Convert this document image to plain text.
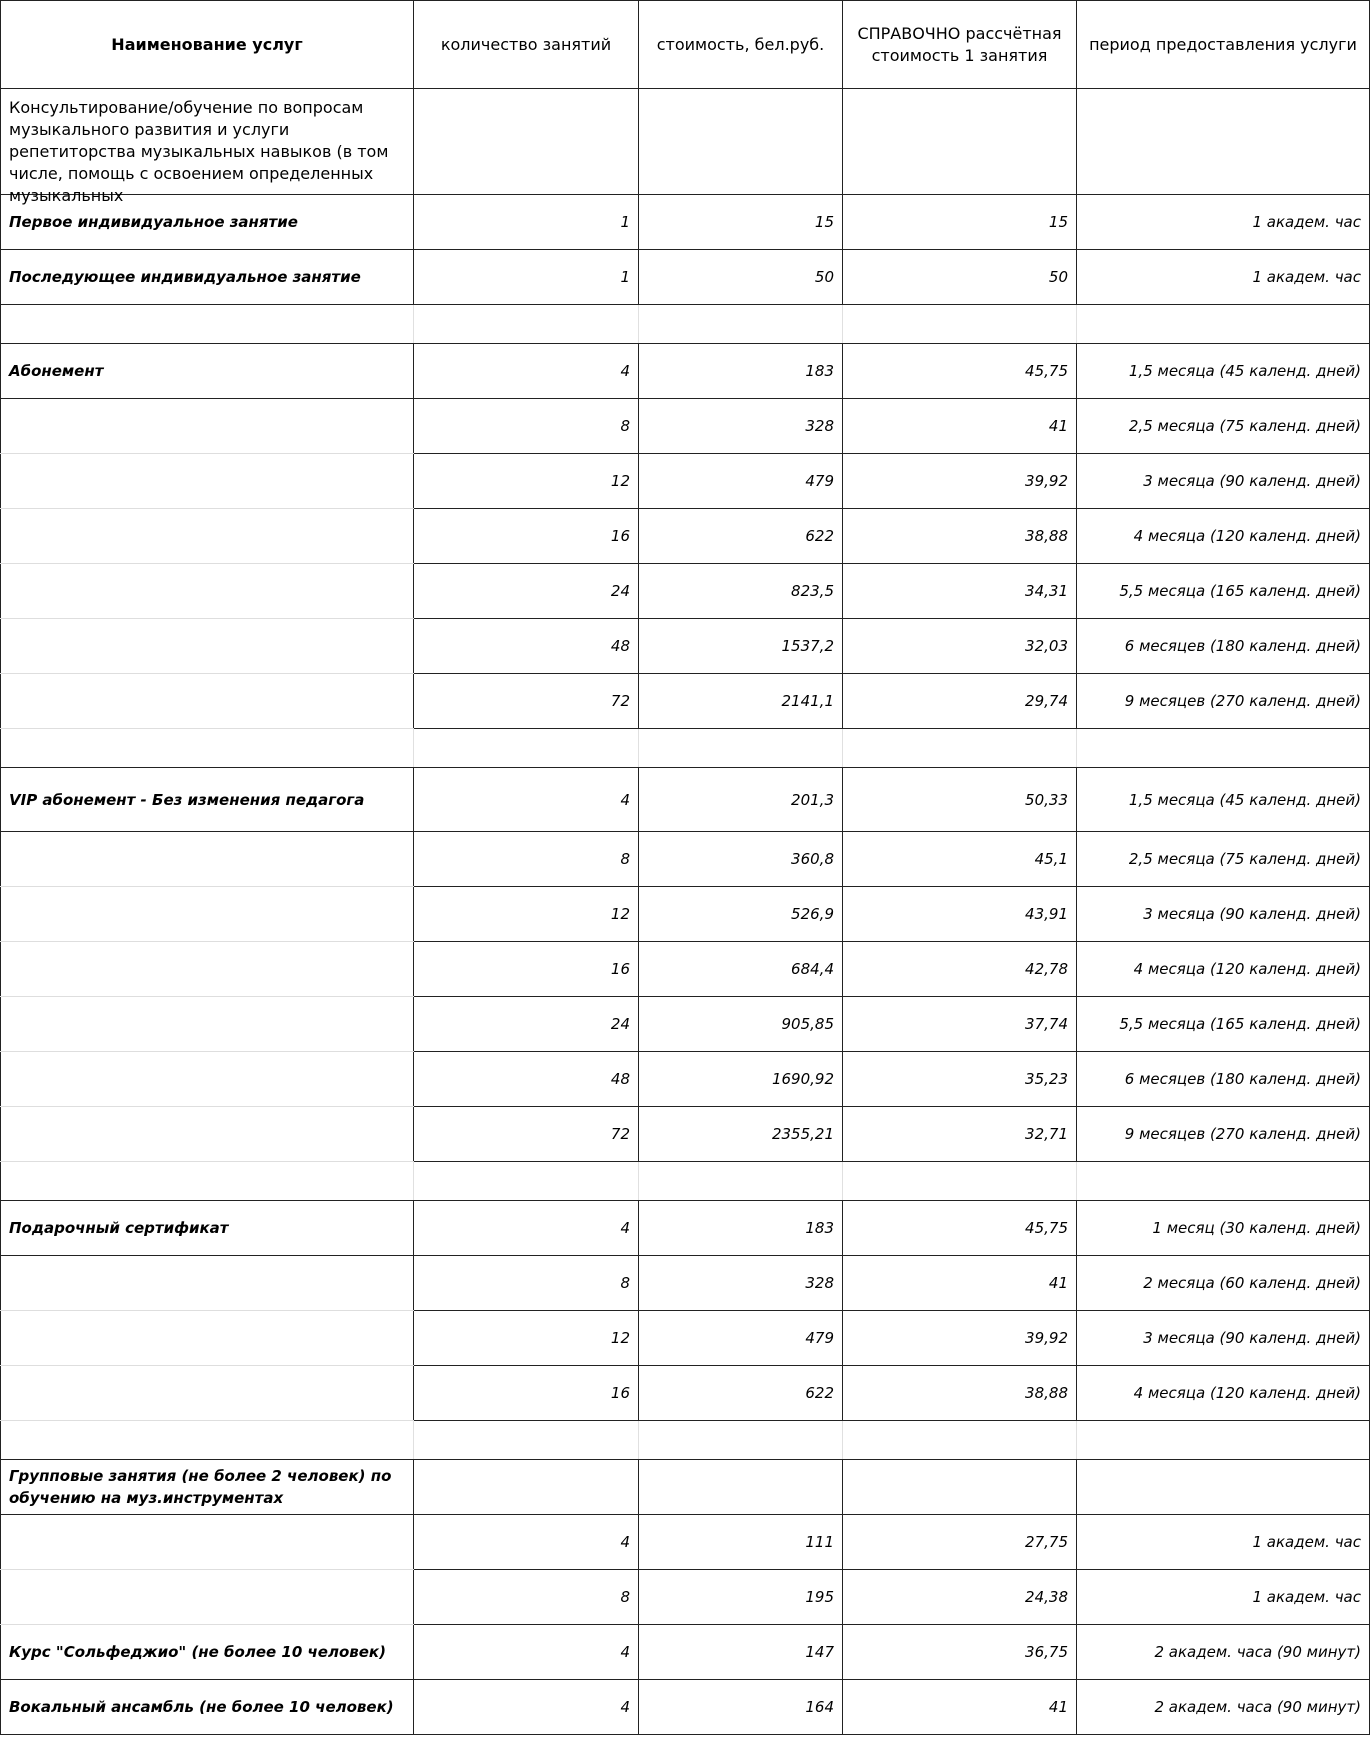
Наименование услуг	количество занятий	стоимость, бел.руб.	СПРАВОЧНО рассчётная стоимость 1 занятия	период предоставления услуги

Консультирование/обучение по вопросам музыкального развития и услуги репетиторства музыкальных навыков (в том числе, помощь с освоением определенных музыкальных				

Первое индивидуальное занятие	1	15	15	1 академ. час
Последующее индивидуальное занятие	1	50	50	1 академ. час

Абонемент	4	183	45,75	1,5 месяца (45 календ. дней)
	8	328	41	2,5 месяца (75 календ. дней)
	12	479	39,92	3 месяца (90 календ. дней)
	16	622	38,88	4 месяца (120 календ. дней)
	24	823,5	34,31	5,5 месяца (165 календ. дней)
	48	1537,2	32,03	6 месяцев (180 календ. дней)
	72	2141,1	29,74	9 месяцев (270 календ. дней)

VIP абонемент - Без изменения педагога	4	201,3	50,33	1,5 месяца (45 календ. дней)
	8	360,8	45,1	2,5 месяца (75 календ. дней)
	12	526,9	43,91	3 месяца (90 календ. дней)
	16	684,4	42,78	4 месяца (120 календ. дней)
	24	905,85	37,74	5,5 месяца (165 календ. дней)
	48	1690,92	35,23	6 месяцев (180 календ. дней)
	72	2355,21	32,71	9 месяцев (270 календ. дней)

Подарочный сертификат	4	183	45,75	1 месяц (30 календ. дней)
	8	328	41	2 месяца (60 календ. дней)
	12	479	39,92	3 месяца (90 календ. дней)
	16	622	38,88	4 месяца (120 календ. дней)

Групповые занятия (не более 2 человек) по обучению на муз.инструментах				
	4	111	27,75	1 академ. час
	8	195	24,38	1 академ. час
Курс "Сольфеджио" (не более 10 человек)	4	147	36,75	2 академ. часа (90 минут)
Вокальный ансамбль (не более 10 человек)	4	164	41	2 академ. часа (90 минут)
